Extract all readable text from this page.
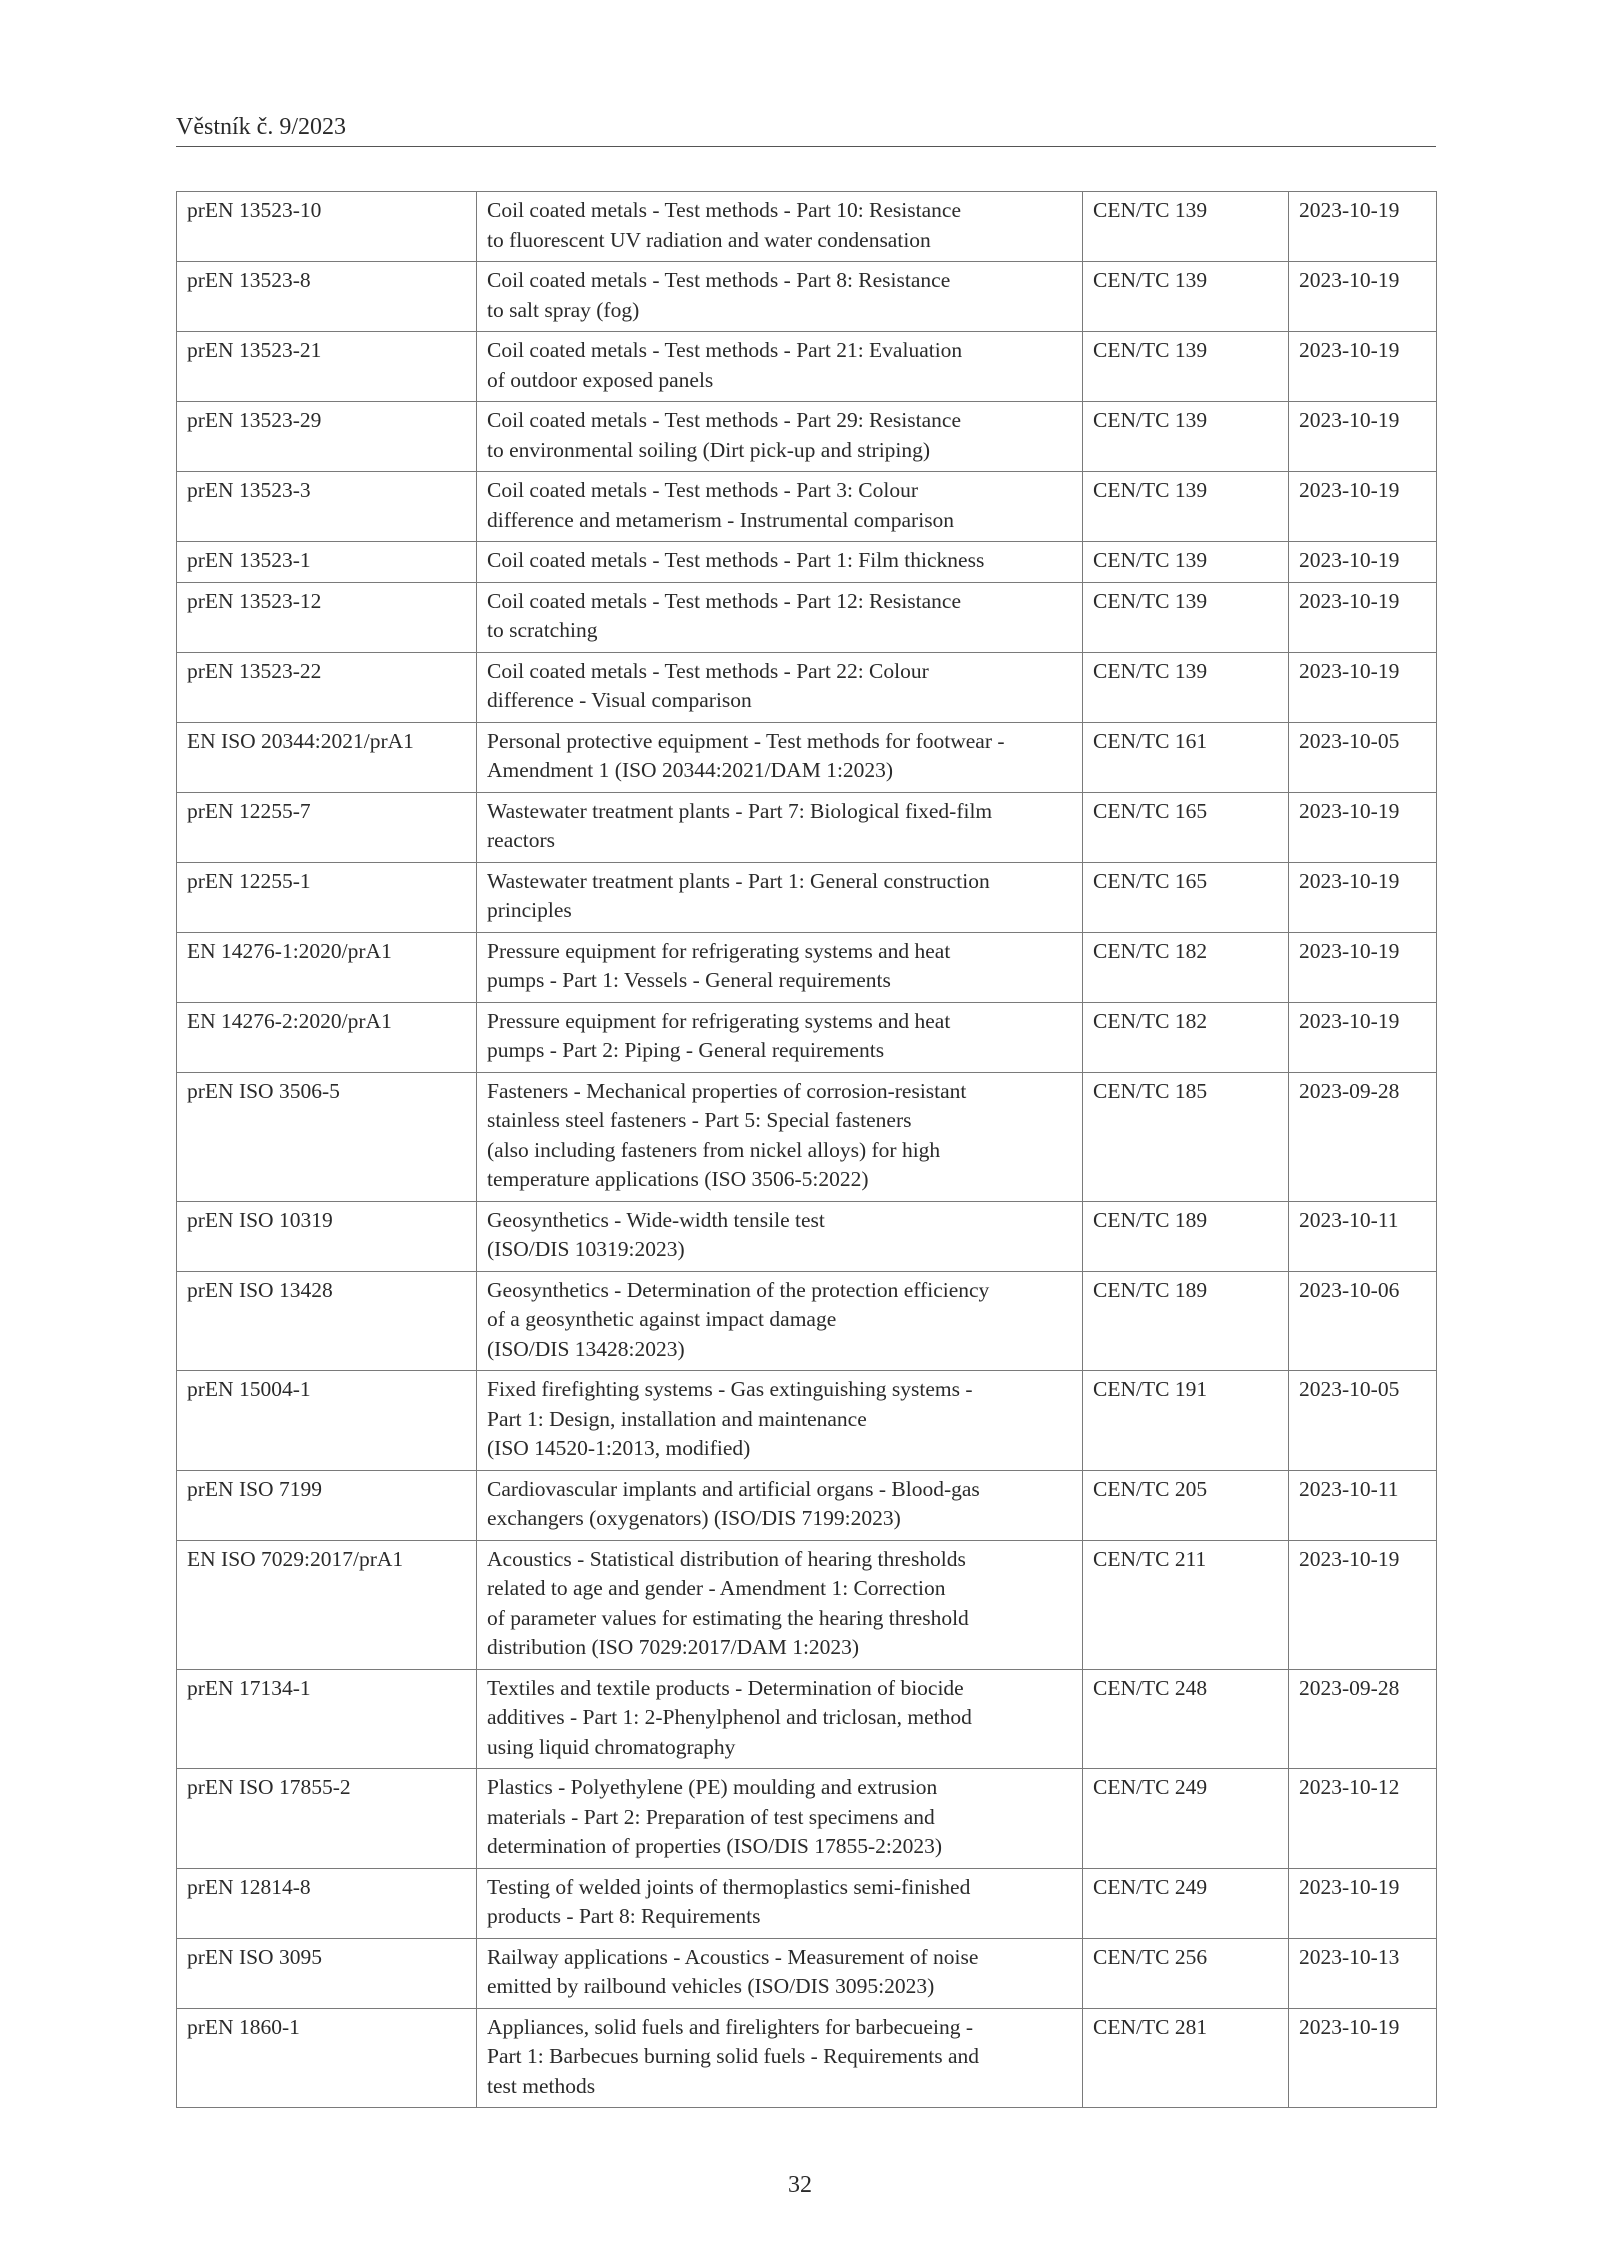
Věstník č. 9/2023
prEN 13523-10	Coil coated metals - Test methods - Part 10: Resistance
to fluorescent UV radiation and water condensation	CEN/TC 139	2023-10-19
prEN 13523-8	Coil coated metals - Test methods - Part 8: Resistance
to salt spray (fog)	CEN/TC 139	2023-10-19
prEN 13523-21	Coil coated metals - Test methods - Part 21: Evaluation
of outdoor exposed panels	CEN/TC 139	2023-10-19
prEN 13523-29	Coil coated metals - Test methods - Part 29: Resistance
to environmental soiling (Dirt pick-up and striping)	CEN/TC 139	2023-10-19
prEN 13523-3	Coil coated metals - Test methods - Part 3: Colour
difference and metamerism - Instrumental comparison	CEN/TC 139	2023-10-19
prEN 13523-1	Coil coated metals - Test methods - Part 1: Film thickness	CEN/TC 139	2023-10-19
prEN 13523-12	Coil coated metals - Test methods - Part 12: Resistance
to scratching	CEN/TC 139	2023-10-19
prEN 13523-22	Coil coated metals - Test methods - Part 22: Colour
difference - Visual comparison	CEN/TC 139	2023-10-19
EN ISO 20344:2021/prA1	Personal protective equipment - Test methods for footwear -
Amendment 1 (ISO 20344:2021/DAM 1:2023)	CEN/TC 161	2023-10-05
prEN 12255-7	Wastewater treatment plants - Part 7: Biological fixed-film
reactors	CEN/TC 165	2023-10-19
prEN 12255-1	Wastewater treatment plants - Part 1: General construction
principles	CEN/TC 165	2023-10-19
EN 14276-1:2020/prA1	Pressure equipment for refrigerating systems and heat
pumps - Part 1: Vessels - General requirements	CEN/TC 182	2023-10-19
EN 14276-2:2020/prA1	Pressure equipment for refrigerating systems and heat
pumps - Part 2: Piping - General requirements	CEN/TC 182	2023-10-19
prEN ISO 3506-5	Fasteners - Mechanical properties of corrosion-resistant
stainless steel fasteners - Part 5: Special fasteners
(also including fasteners from nickel alloys) for high
temperature applications (ISO 3506-5:2022)	CEN/TC 185	2023-09-28
prEN ISO 10319	Geosynthetics - Wide-width tensile test
(ISO/DIS 10319:2023)	CEN/TC 189	2023-10-11
prEN ISO 13428	Geosynthetics - Determination of the protection efficiency
of a geosynthetic against impact damage
(ISO/DIS 13428:2023)	CEN/TC 189	2023-10-06
prEN 15004-1	Fixed firefighting systems - Gas extinguishing systems -
Part 1: Design, installation and maintenance
(ISO 14520-1:2013, modified)	CEN/TC 191	2023-10-05
prEN ISO 7199	Cardiovascular implants and artificial organs - Blood-gas
exchangers (oxygenators) (ISO/DIS 7199:2023)	CEN/TC 205	2023-10-11
EN ISO 7029:2017/prA1	Acoustics - Statistical distribution of hearing thresholds
related to age and gender - Amendment 1: Correction
of parameter values for estimating the hearing threshold
distribution (ISO 7029:2017/DAM 1:2023)	CEN/TC 211	2023-10-19
prEN 17134-1	Textiles and textile products - Determination of biocide
additives - Part 1: 2-Phenylphenol and triclosan, method
using liquid chromatography	CEN/TC 248	2023-09-28
prEN ISO 17855-2	Plastics - Polyethylene (PE) moulding and extrusion
materials - Part 2: Preparation of test specimens and
determination of properties (ISO/DIS 17855-2:2023)	CEN/TC 249	2023-10-12
prEN 12814-8	Testing of welded joints of thermoplastics semi-finished
products - Part 8: Requirements	CEN/TC 249	2023-10-19
prEN ISO 3095	Railway applications - Acoustics - Measurement of noise
emitted by railbound vehicles (ISO/DIS 3095:2023)	CEN/TC 256	2023-10-13
prEN 1860-1	Appliances, solid fuels and firelighters for barbecueing -
Part 1: Barbecues burning solid fuels - Requirements and
test methods	CEN/TC 281	2023-10-19
32
